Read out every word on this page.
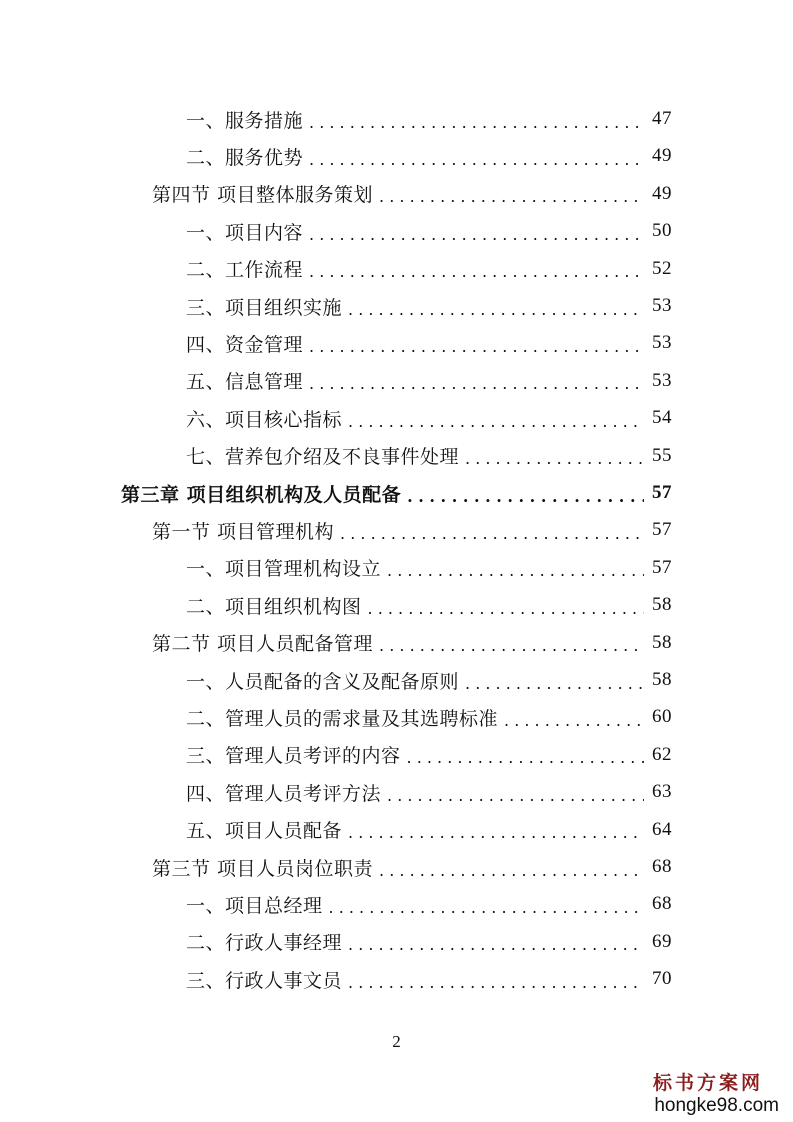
一、服务措施 . . .	47
二、服务优势 . . .	49
第四节 项目整体服务策划 . . .	49
一、项目内容 . . .	50
二、工作流程 . . .	52
三、项目组织实施 . . .	53
四、资金管理 . . .	53
五、信息管理 . . .	53
六、项目核心指标 . . .	54
七、营养包介绍及不良事件处理 . . .	55
第三章 项目组织机构及人员配备 . . .	57
第一节 项目管理机构 . . .	57
一、项目管理机构设立 . . .	57
二、项目组织机构图 . . .	58
第二节 项目人员配备管理 . . .	58
一、人员配备的含义及配备原则 . . .	58
二、管理人员的需求量及其选聘标准 . . .	60
三、管理人员考评的内容 . . .	62
四、管理人员考评方法 . . .	63
五、项目人员配备 . . .	64
第三节 项目人员岗位职责 . . .	68
一、项目总经理 . . .	68
二、行政人事经理 . . .	69
三、行政人事文员 . . .	70
2
标书方案网
hongke98.com
